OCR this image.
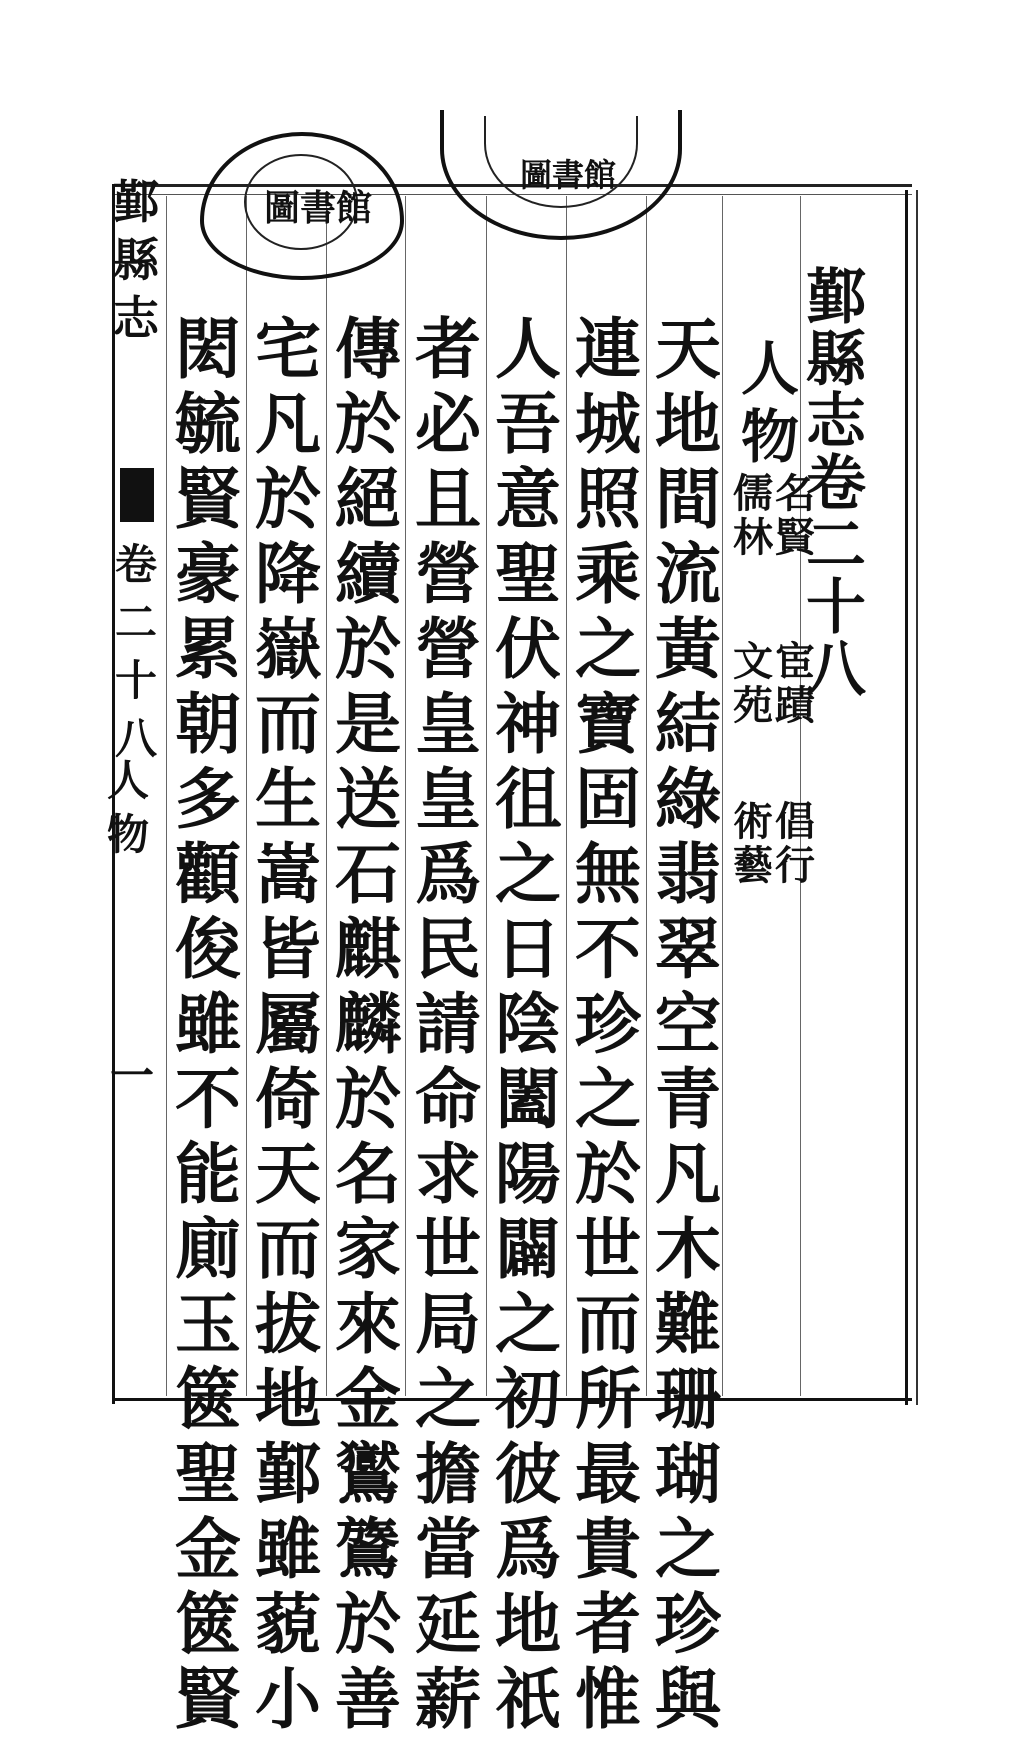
圖書館
圖書館
鄞
縣
志
卷
二
十
八
人
物
名
賢
儒
林
宦
蹟
文
苑
倡
行
術
藝
天
地
間
流
黃
結
綠
翡
翠
空
青
凡
木
難
珊
瑚
之
珍
與
連
城
照
乘
之
寶
固
無
不
珍
之
於
世
而
所
最
貴
者
惟
人
吾
意
聖
伏
神
徂
之
日
陰
闔
陽
闢
之
初
彼
爲
地
祇
者
必
且
營
營
皇
皇
爲
民
請
命
求
世
局
之
擔
當
延
薪
傳
於
絕
續
於
是
送
石
麒
麟
於
名
家
來
金
鸑
鷟
於
善
宅
凡
於
降
嶽
而
生
嵩
皆
屬
倚
天
而
拔
地
鄞
雖
藐
小
閎
毓
賢
豪
累
朝
多
顴
俊
雖
不
能
廁
玉
篋
聖
金
篋
賢
鄞
縣
志
卷
二
十
八
人
物
一
